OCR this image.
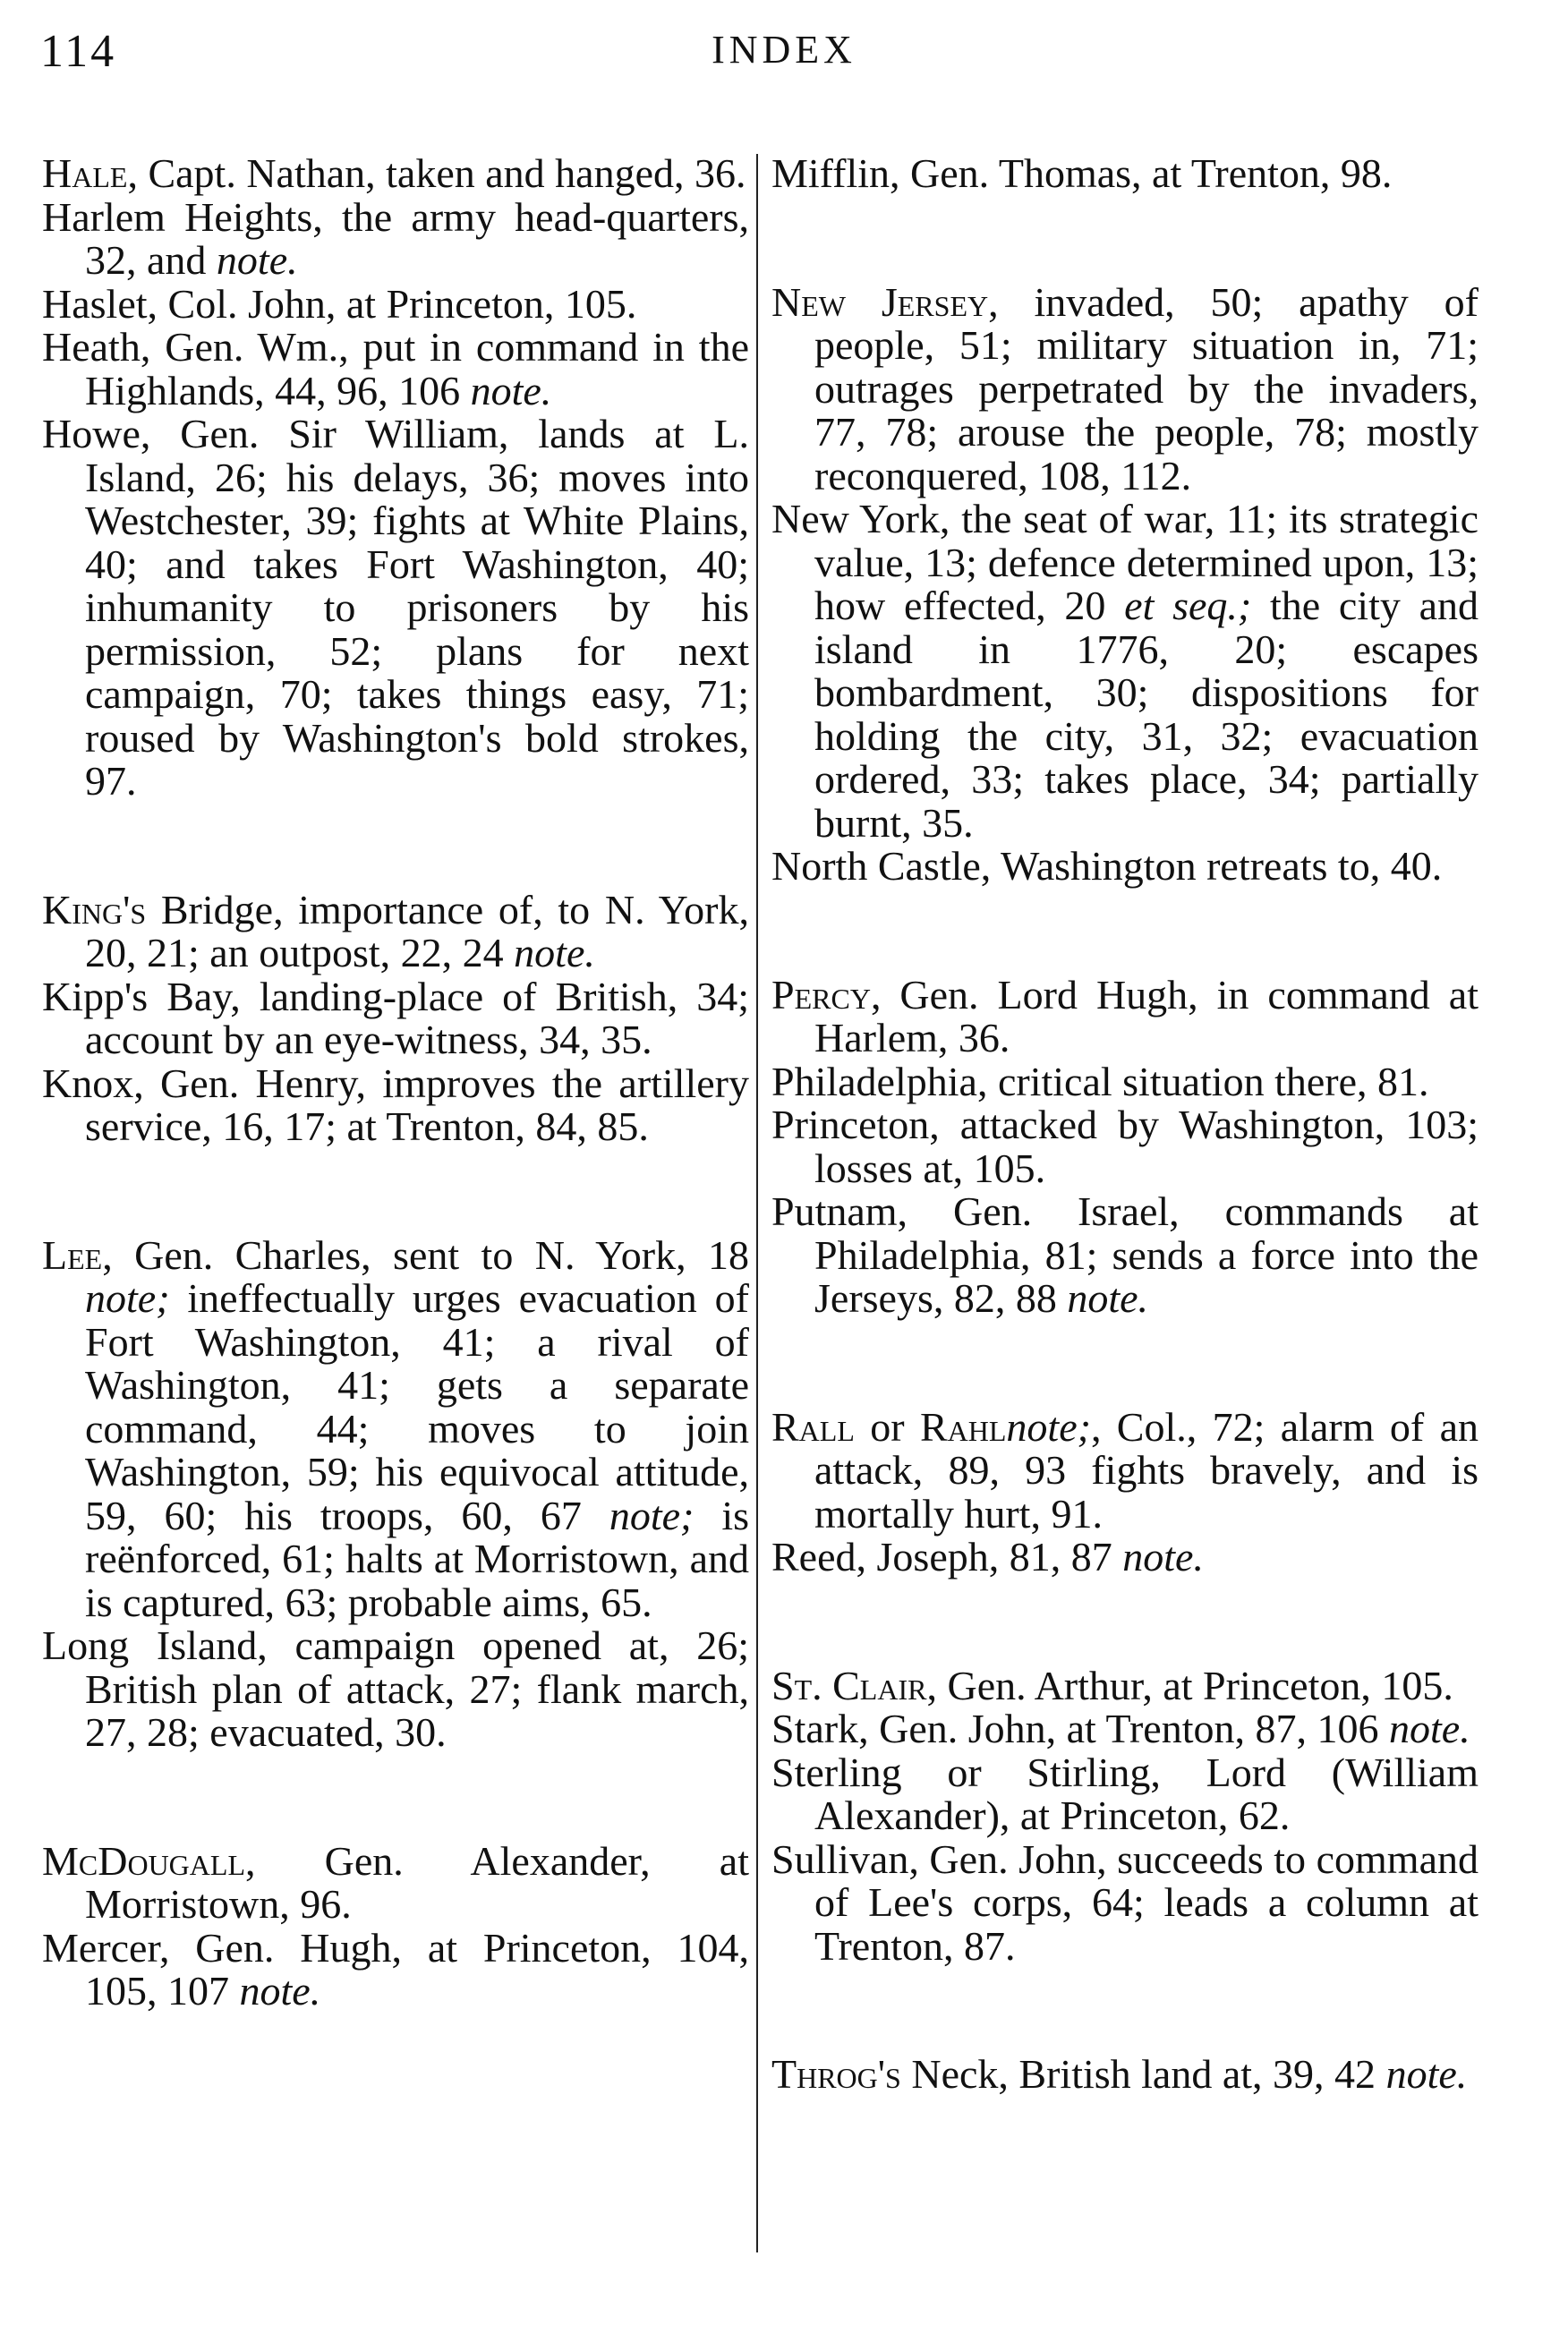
114	INDEX

Hale, Capt. Nathan, taken and hanged, 36.

Harlem Heights, the army head-quarters, 32, and note.

Haslet, Col. John, at Princeton, 105.

Heath, Gen. Wm., put in command in the Highlands, 44, 96, 106 note.

Howe, Gen. Sir William, lands at L. Island, 26; his delays, 36; moves into Westchester, 39; fights at White Plains, 40; and takes Fort Washington, 40; inhumanity to prisoners by his permission, 52; plans for next campaign, 70; takes things easy, 71; roused by Washington's bold strokes, 97.

King's Bridge, importance of, to N. York, 20, 21; an outpost, 22, 24 note.

Kipp's Bay, landing-place of British, 34; account by an eye-witness, 34, 35.

Knox, Gen. Henry, improves the artillery service, 16, 17; at Trenton, 84, 85.

Lee, Gen. Charles, sent to N. York, 18 note; ineffectually urges evacuation of Fort Washington, 41; a rival of Washington, 41; gets a separate command, 44; moves to join Washington, 59; his equivocal attitude, 59, 60; his troops, 60, 67 note; is reënforced, 61; halts at Morristown, and is captured, 63; probable aims, 65.

Long Island, campaign opened at, 26; British plan of attack, 27; flank march, 27, 28; evacuated, 30.

McDougall, Gen. Alexander, at Morristown, 96.

Mercer, Gen. Hugh, at Princeton, 104, 105, 107 note.

Mifflin, Gen. Thomas, at Trenton, 98.

New Jersey, invaded, 50; apathy of people, 51; military situation in, 71; outrages perpetrated by the invaders, 77, 78; arouse the people, 78; mostly reconquered, 108, 112.

New York, the seat of war, 11; its strategic value, 13; defence determined upon, 13; how effected, 20 et seq.; the city and island in 1776, 20; escapes bombardment, 30; dispositions for holding the city, 31, 32; evacuation ordered, 33; takes place, 34; partially burnt, 35.

North Castle, Washington retreats to, 40.

Percy, Gen. Lord Hugh, in command at Harlem, 36.

Philadelphia, critical situation there, 81.

Princeton, attacked by Washington, 103; losses at, 105.

Putnam, Gen. Israel, commands at Philadelphia, 81; sends a force into the Jerseys, 82, 88 note.

Rall or Rahlnote;, Col., 72; alarm of an attack, 89, 93 fights bravely, and is mortally hurt, 91.

Reed, Joseph, 81, 87 note.

St. Clair, Gen. Arthur, at Princeton, 105.

Stark, Gen. John, at Trenton, 87, 106 note.

Sterling or Stirling, Lord (William Alexander), at Princeton, 62.

Sullivan, Gen. John, succeeds to command of Lee's corps, 64; leads a column at Trenton, 87.

Throg's Neck, British land at, 39, 42 note.
